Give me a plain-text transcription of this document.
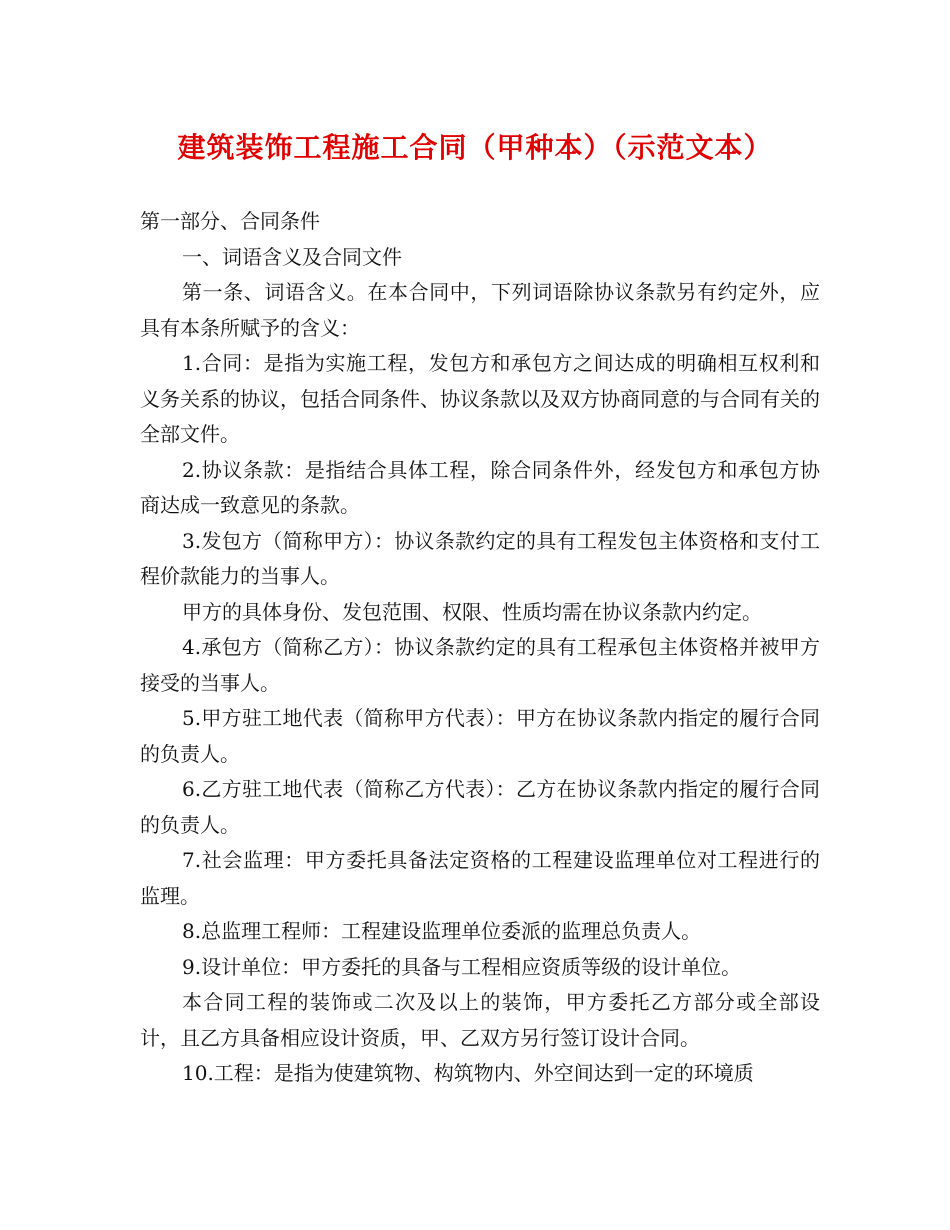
建筑装饰工程施工合同（甲种本）（示范文本）

第一部分、合同条件

一、词语含义及合同文件

第一条、词语含义。在本合同中，下列词语除协议条款另有约定外，应具有本条所赋予的含义：

1.合同：是指为实施工程，发包方和承包方之间达成的明确相互权利和义务关系的协议，包括合同条件、协议条款以及双方协商同意的与合同有关的全部文件。

2.协议条款：是指结合具体工程，除合同条件外，经发包方和承包方协商达成一致意见的条款。

3.发包方（简称甲方）：协议条款约定的具有工程发包主体资格和支付工程价款能力的当事人。

甲方的具体身份、发包范围、权限、性质均需在协议条款内约定。

4.承包方（简称乙方）：协议条款约定的具有工程承包主体资格并被甲方接受的当事人。

5.甲方驻工地代表（简称甲方代表）：甲方在协议条款内指定的履行合同的负责人。

6.乙方驻工地代表（简称乙方代表）：乙方在协议条款内指定的履行合同的负责人。

7.社会监理：甲方委托具备法定资格的工程建设监理单位对工程进行的监理。

8.总监理工程师：工程建设监理单位委派的监理总负责人。

9.设计单位：甲方委托的具备与工程相应资质等级的设计单位。

本合同工程的装饰或二次及以上的装饰，甲方委托乙方部分或全部设计，且乙方具备相应设计资质，甲、乙双方另行签订设计合同。

10.工程：是指为使建筑物、构筑物内、外空间达到一定的环境质
